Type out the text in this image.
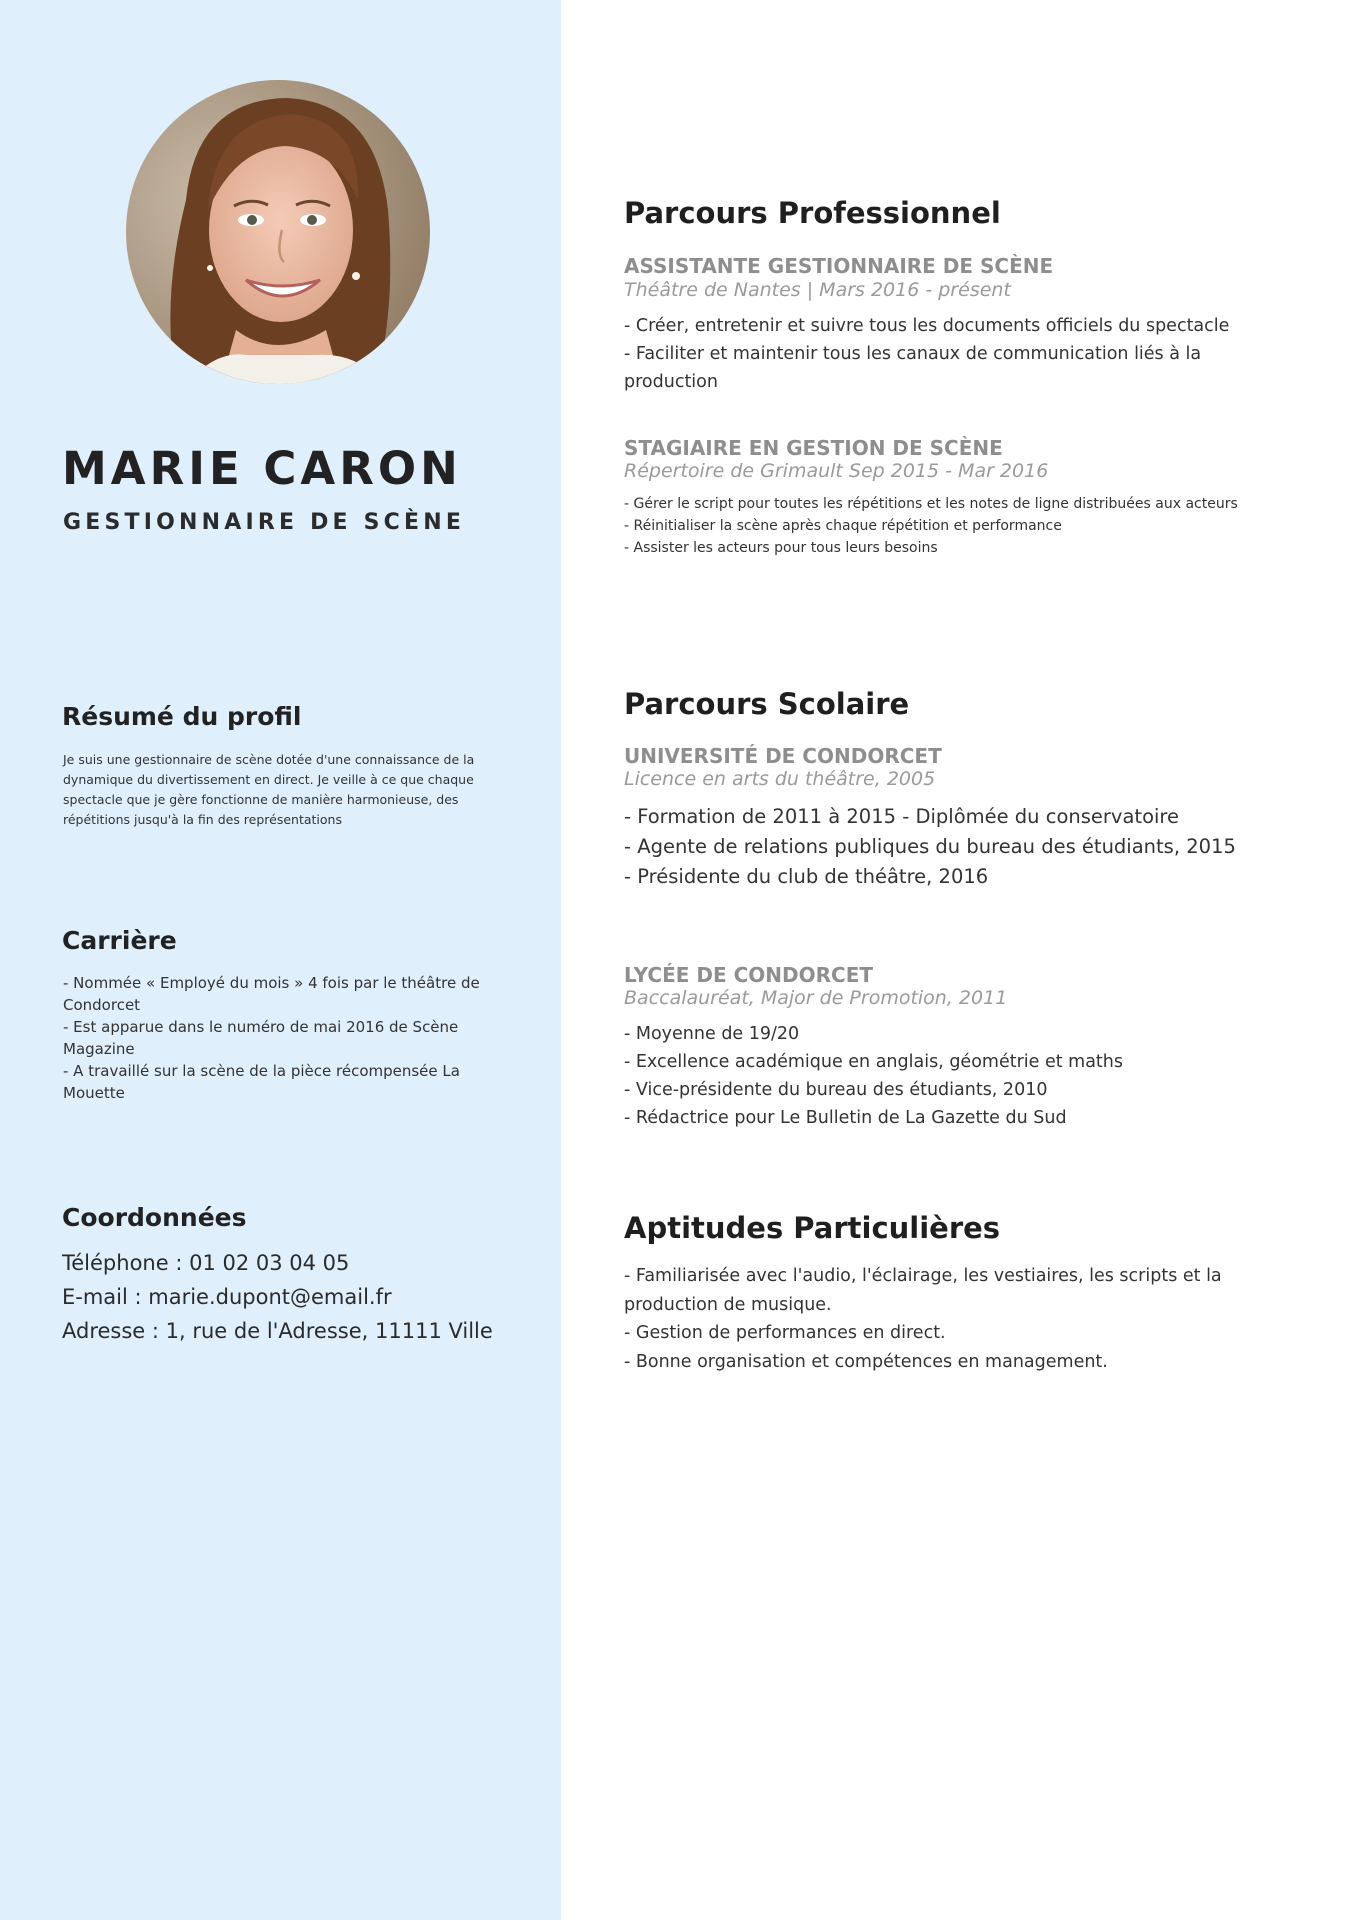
MARIE CARON
GESTIONNAIRE DE SCÈNE
Résumé du profil

Je suis une gestionnaire de scène dotée d'une connaissance de la dynamique du divertissement en direct. Je veille à ce que chaque spectacle que je gère fonctionne de manière harmonieuse, des répétitions jusqu'à la fin des représentations

Carrière
- Nommée « Employé du mois » 4 fois par le théâtre de Condorcet
- Est apparue dans le numéro de mai 2016 de Scène Magazine
- A travaillé sur la scène de la pièce récompensée La Mouette
Coordonnées
Téléphone : 01 02 03 04 05
E-mail : marie.dupont@email.fr
Adresse : 1, rue de l'Adresse, 11111 Ville
Parcours Professionnel
ASSISTANTE GESTIONNAIRE DE SCÈNE
Théâtre de Nantes | Mars 2016 - présent
- Créer, entretenir et suivre tous les documents officiels du spectacle
- Faciliter et maintenir tous les canaux de communication liés à la
production
STAGIAIRE EN GESTION DE SCÈNE
Répertoire de Grimault Sep 2015 - Mar 2016
- Gérer le script pour toutes les répétitions et les notes de ligne distribuées aux acteurs
- Réinitialiser la scène après chaque répétition et performance
- Assister les acteurs pour tous leurs besoins
Parcours Scolaire
UNIVERSITÉ DE CONDORCET
Licence en arts du théâtre, 2005
- Formation de 2011 à 2015 - Diplômée du conservatoire
- Agente de relations publiques du bureau des étudiants, 2015
- Présidente du club de théâtre, 2016
LYCÉE DE CONDORCET
Baccalauréat, Major de Promotion, 2011
- Moyenne de 19/20
- Excellence académique en anglais, géométrie et maths
- Vice-présidente du bureau des étudiants, 2010
- Rédactrice pour Le Bulletin de La Gazette du Sud
Aptitudes Particulières
- Familiarisée avec l'audio, l'éclairage, les vestiaires, les scripts et la
production de musique.
- Gestion de performances en direct.
- Bonne organisation et compétences en management.
